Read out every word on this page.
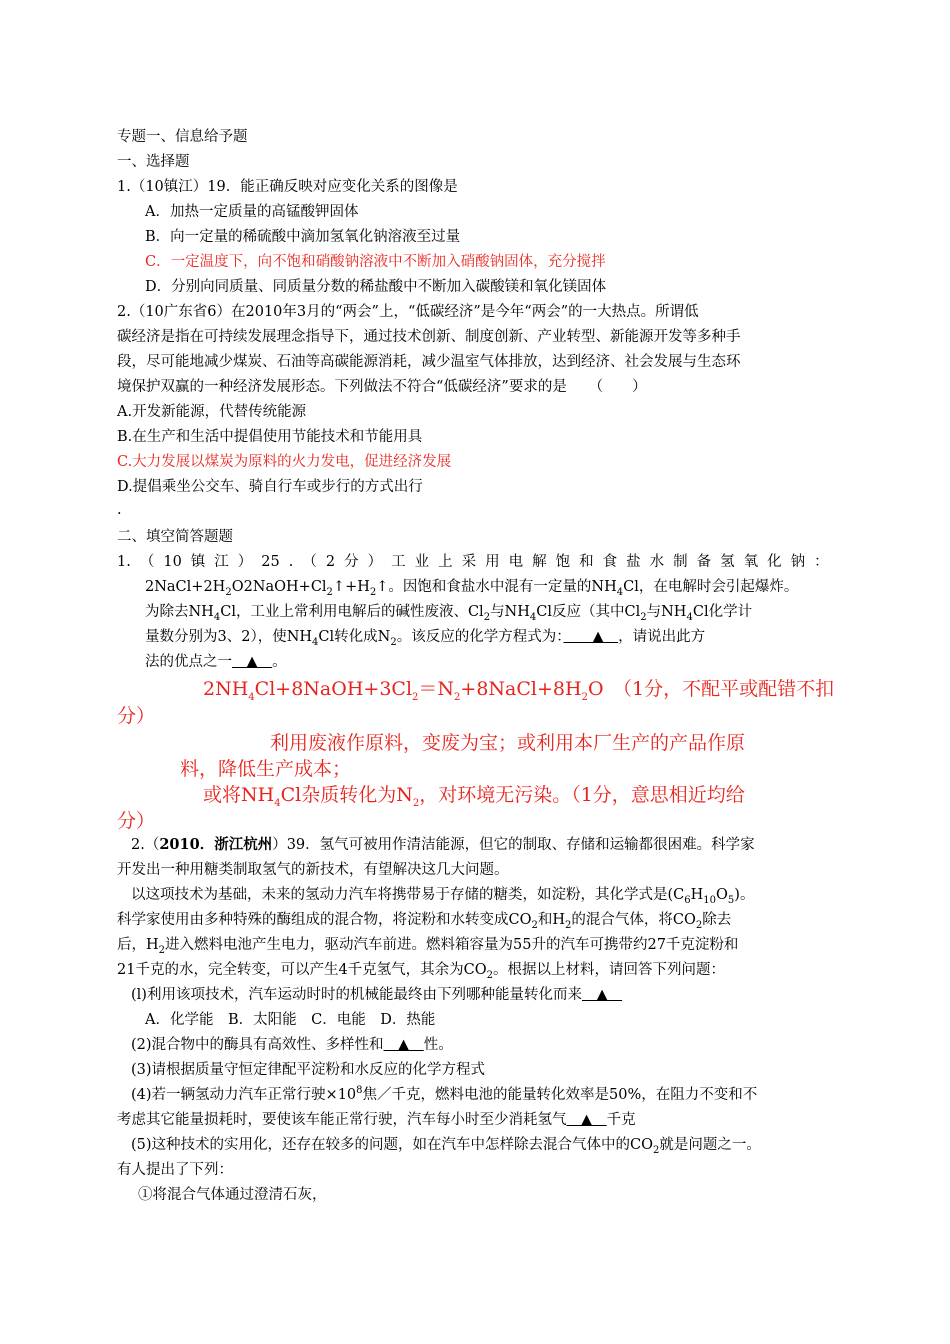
专题一、信息给予题
一、选择题
1.（10镇江）19．能正确反映对应变化关系的图像是
A．加热一定质量的高锰酸钾固体
B．向一定量的稀硫酸中滴加氢氧化钠溶液至过量
C．一定温度下，向不饱和硝酸钠溶液中不断加入硝酸钠固体，充分搅拌
D．分别向同质量、同质量分数的稀盐酸中不断加入碳酸镁和氧化镁固体
2.（10广东省6）在2010年3月的“两会”上，“低碳经济”是今年“两会”的一大热点。所谓低
碳经济是指在可持续发展理念指导下，通过技术创新、制度创新、产业转型、新能源开发等多种手
段，尽可能地减少煤炭、石油等高碳能源消耗，减少温室气体排放，达到经济、社会发展与生态环
境保护双赢的一种经济发展形态。下列做法不符合“低碳经济”要求的是　　（　　）
A.开发新能源，代替传统能源
B.在生产和生活中提倡使用节能技术和节能用具
C.大力发展以煤炭为原料的火力发电，促进经济发展
D.提倡乘坐公交车、骑自行车或步行的方式出行
.
二、填空简答题题
1. （ 10 镇 江 ） 25 . （ 2 分 ） 工 业 上 采 用 电 解 饱 和 食 盐 水 制 备 氢 氧 化 钠 ：
$2NaCl+2H_2O2NaOH+Cl_2↑+H_2↑$。因饱和食盐水中混有一定量的$NH_4Cl$，在电解时会引起爆炸。
为除去$NH_4Cl$，工业上常利用电解后的碱性废液、$Cl_2$与$NH_4Cl$反应（其中$Cl_2$与$NH_4Cl$化学计
量数分别为3、2），使$NH_4Cl$转化成$N_2$。该反应的化学方程式为：　　▲　，请说出此方
法的优点之一　▲　。
$2NH_4Cl+8NaOH+3Cl_2=N_2+8NaCl+8H_2O$　（1分，不配平或配错不扣
分）
利用废液作原料，变废为宝；或利用本厂生产的产品作原
料，降低生产成本；
或将$NH_4Cl$杂质转化为$N_2$，对环境无污染。（1分，意思相近均给
分）
2.（2010．浙江杭州）39．氢气可被用作清洁能源，但它的制取、存储和运输都很困难。科学家
开发出一种用糖类制取氢气的新技术，有望解决这几大问题。
以这项技术为基础，未来的氢动力汽车将携带易于存储的糖类，如淀粉，其化学式是$(C_6H_{10}O_5)$。
科学家使用由多种特殊的酶组成的混合物，将淀粉和水转变成$CO_2$和$H_2$的混合气体，将$CO_2$除去
后，$H_2$进入燃料电池产生电力，驱动汽车前进。燃料箱容量为55升的汽车可携带约27千克淀粉和
21千克的水，完全转变，可以产生4千克氢气，其余为$CO_2$。根据以上材料，请回答下列问题：
(l)利用该项技术，汽车运动时时的机械能最终由下列哪种能量转化而来　▲　
A．化学能　B．太阳能　C．电能　D．热能
(2)混合物中的酶具有高效性、多样性和　▲　性。
(3)请根据质量守恒定律配平淀粉和水反应的化学方程式
(4)若一辆氢动力汽车正常行驶$\times 10^8$焦／千克，燃料电池的能量转化效率是50%，在阻力不变和不
考虑其它能量损耗时，要使该车能正常行驶，汽车每小时至少消耗氢气　▲　千克
(5)这种技术的实用化，还存在较多的问题，如在汽车中怎样除去混合气体中的$CO_2$就是问题之一。
有人提出了下列：
①将混合气体通过澄清石灰，
